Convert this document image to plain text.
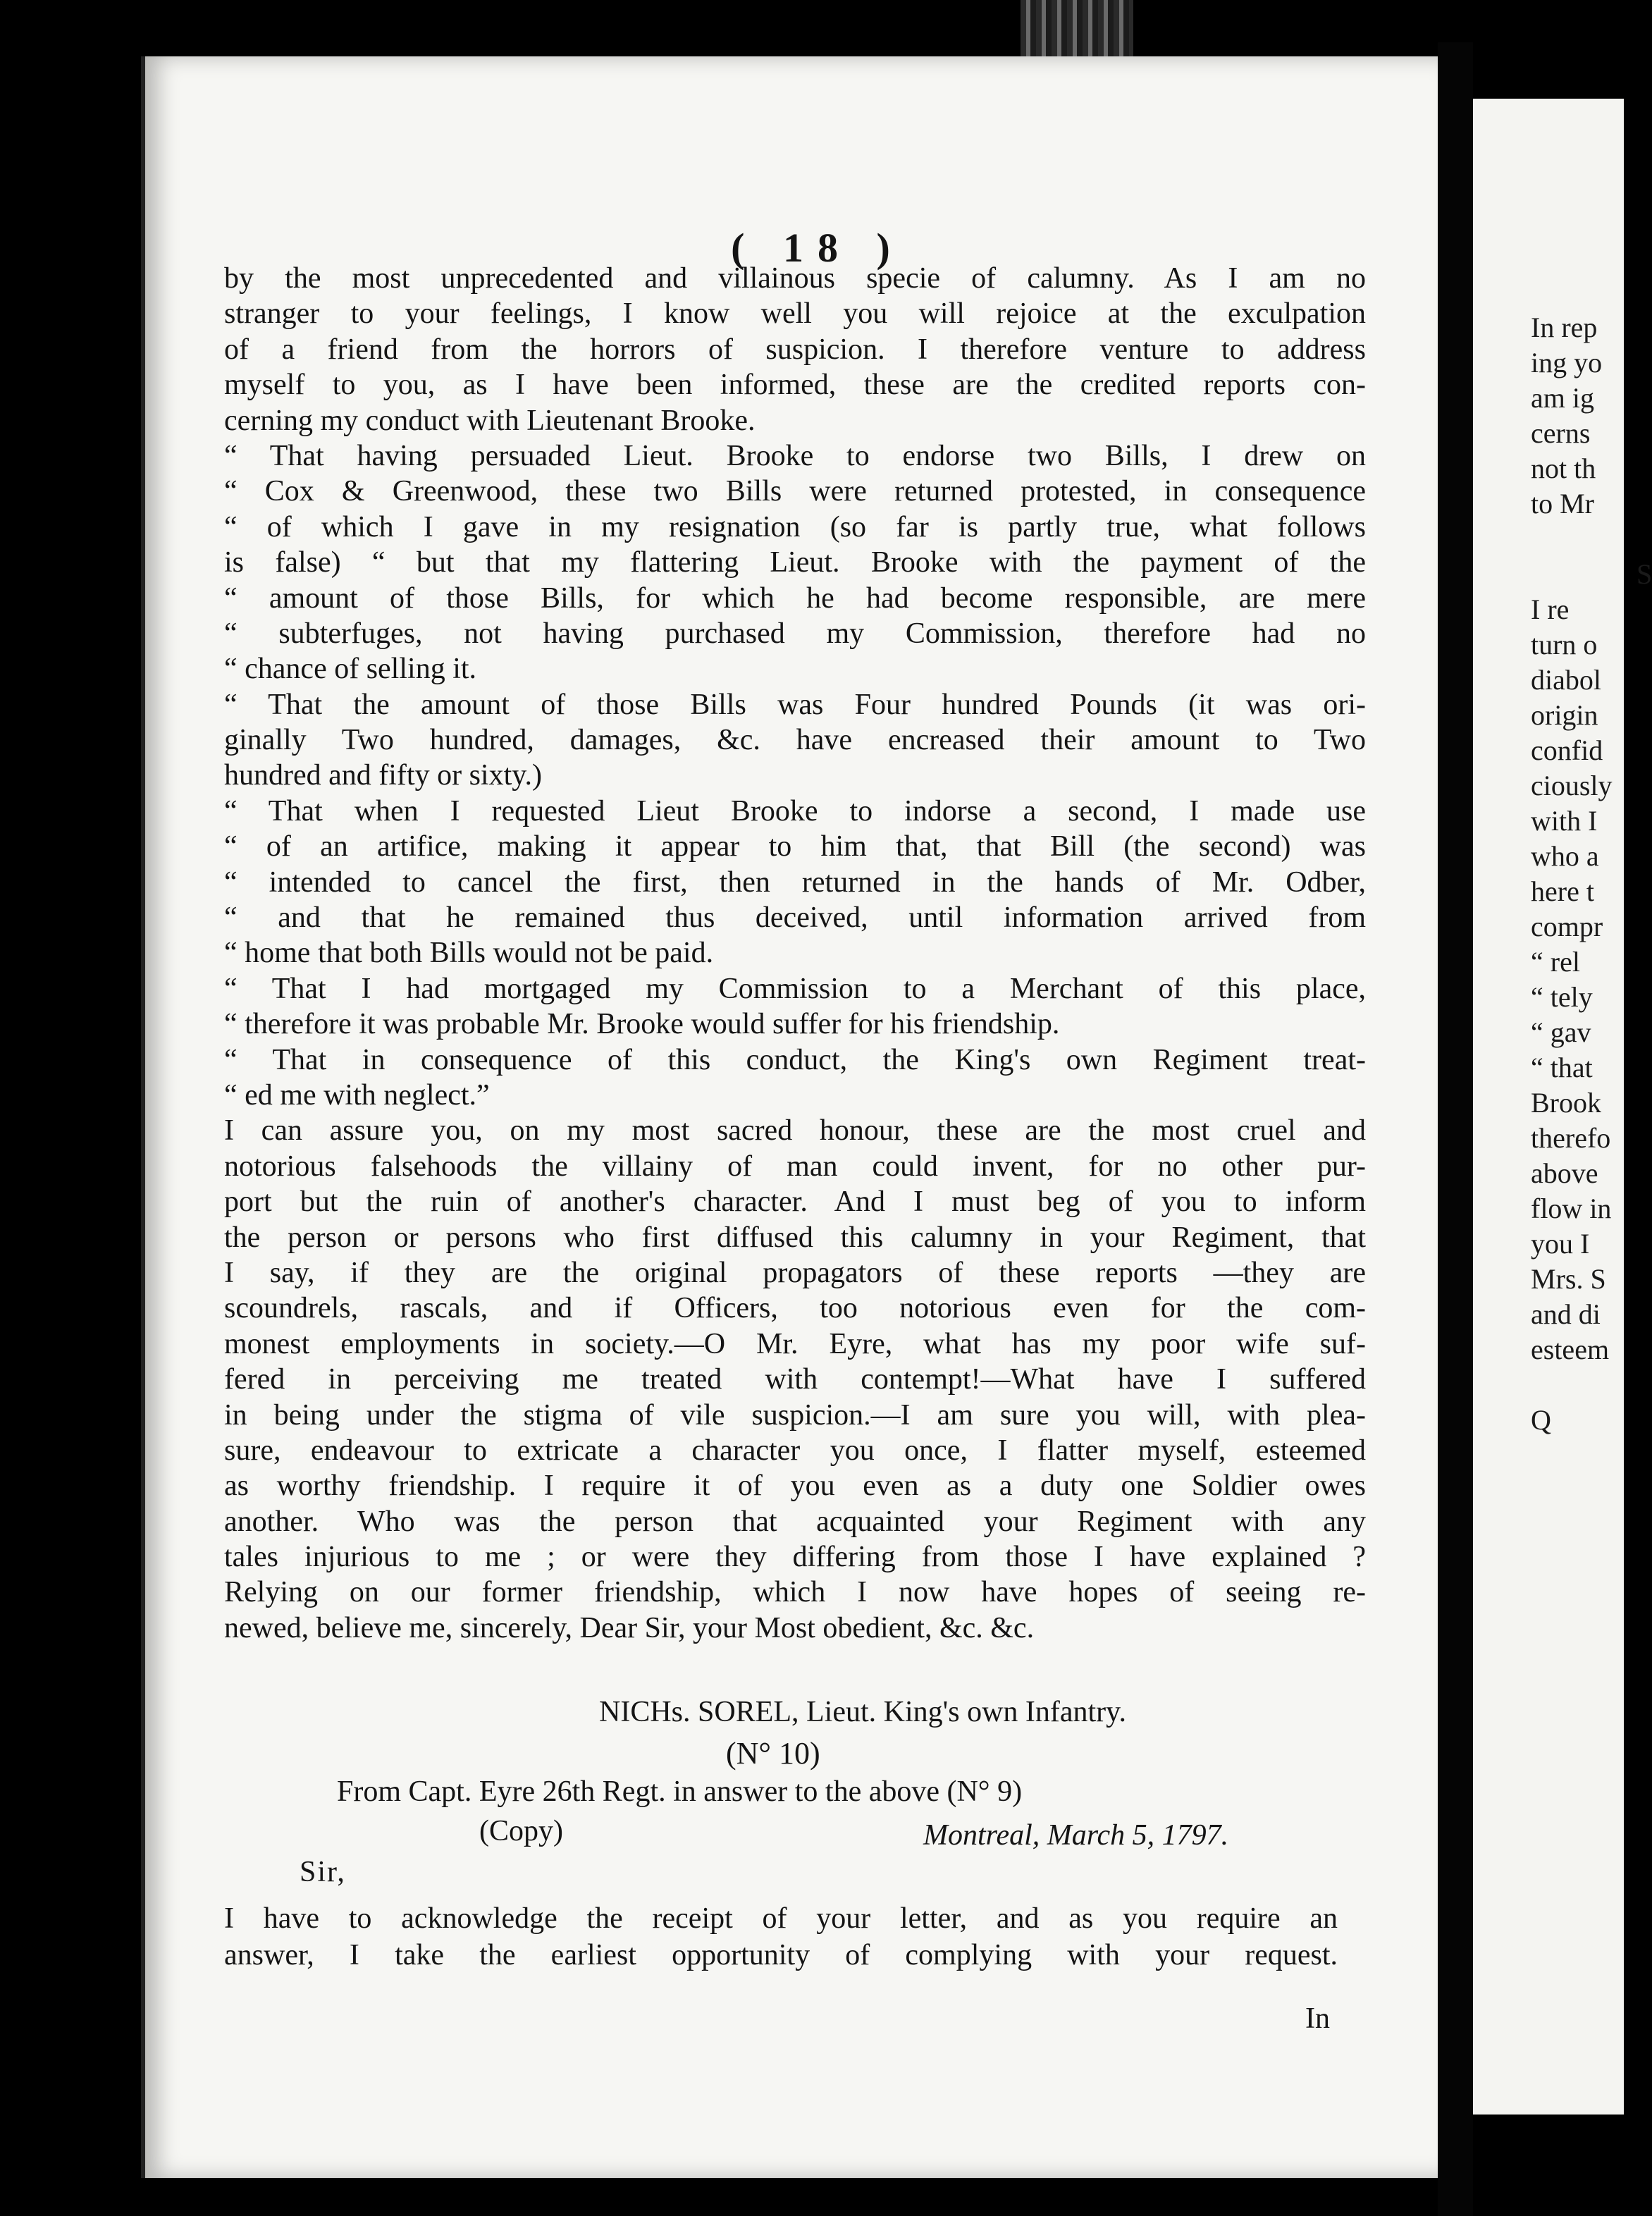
( 18 )
by the most unprecedented and villainous specie of calumny. As I am no
stranger to your feelings, I know well you will rejoice at the exculpation
of a friend from the horrors of suspicion. I therefore venture to address
myself to you, as I have been informed, these are the credited reports con-
cerning my conduct with Lieutenant Brooke.
“ That having persuaded Lieut. Brooke to endorse two Bills, I drew on
“ Cox & Greenwood, these two Bills were returned protested, in consequence
“ of which I gave in my resignation (so far is partly true, what follows
is false) “ but that my flattering Lieut. Brooke with the payment of the
“ amount of those Bills, for which he had become responsible, are mere
“ subterfuges, not having purchased my Commission, therefore had no
“ chance of selling it.
“ That the amount of those Bills was Four hundred Pounds (it was ori-
ginally Two hundred, damages, &c. have encreased their amount to Two
hundred and fifty or sixty.)
“ That when I requested Lieut Brooke to indorse a second, I made use
“ of an artifice, making it appear to him that, that Bill (the second) was
“ intended to cancel the first, then returned in the hands of Mr. Odber,
“ and that he remained thus deceived, until information arrived from
“ home that both Bills would not be paid.
“ That I had mortgaged my Commission to a Merchant of this place,
“ therefore it was probable Mr. Brooke would suffer for his friendship.
“ That in consequence of this conduct, the King's own Regiment treat-
“ ed me with neglect.”
I can assure you, on my most sacred honour, these are the most cruel and
notorious falsehoods the villainy of man could invent, for no other pur-
port but the ruin of another's character. And I must beg of you to inform
the person or persons who first diffused this calumny in your Regiment, that
I say, if they are the original propagators of these reports —they are
scoundrels, rascals, and if Officers, too notorious even for the com-
monest employments in society.—O Mr. Eyre, what has my poor wife suf-
fered in perceiving me treated with contempt!—What have I suffered
in being under the stigma of vile suspicion.—I am sure you will, with plea-
sure, endeavour to extricate a character you once, I flatter myself, esteemed
as worthy friendship. I require it of you even as a duty one Soldier owes
another. Who was the person that acquainted your Regiment with any
tales injurious to me ; or were they differing from those I have explained ?
Relying on our former friendship, which I now have hopes of seeing re-
newed, believe me, sincerely, Dear Sir, your Most obedient, &c. &c.
NICHs. SOREL, Lieut. King's own Infantry.
(N° 10)
From Capt. Eyre 26th Regt. in answer to the above (N° 9)
(Copy)	Montreal, March 5, 1797.
Sir,
I have to acknowledge the receipt of your letter, and as you require an
answer, I take the earliest opportunity of complying with your request.
In
In rep
ing yo
am ig
cerns
not th
to Mr

S
I re
turn o
diabol
origin
confid
ciously
with I
who a
here t
compr
“ rel
“ tely
“ gav
“ that
Brook
therefo
above
flow in
you I
Mrs. S
and di
esteem

Q
